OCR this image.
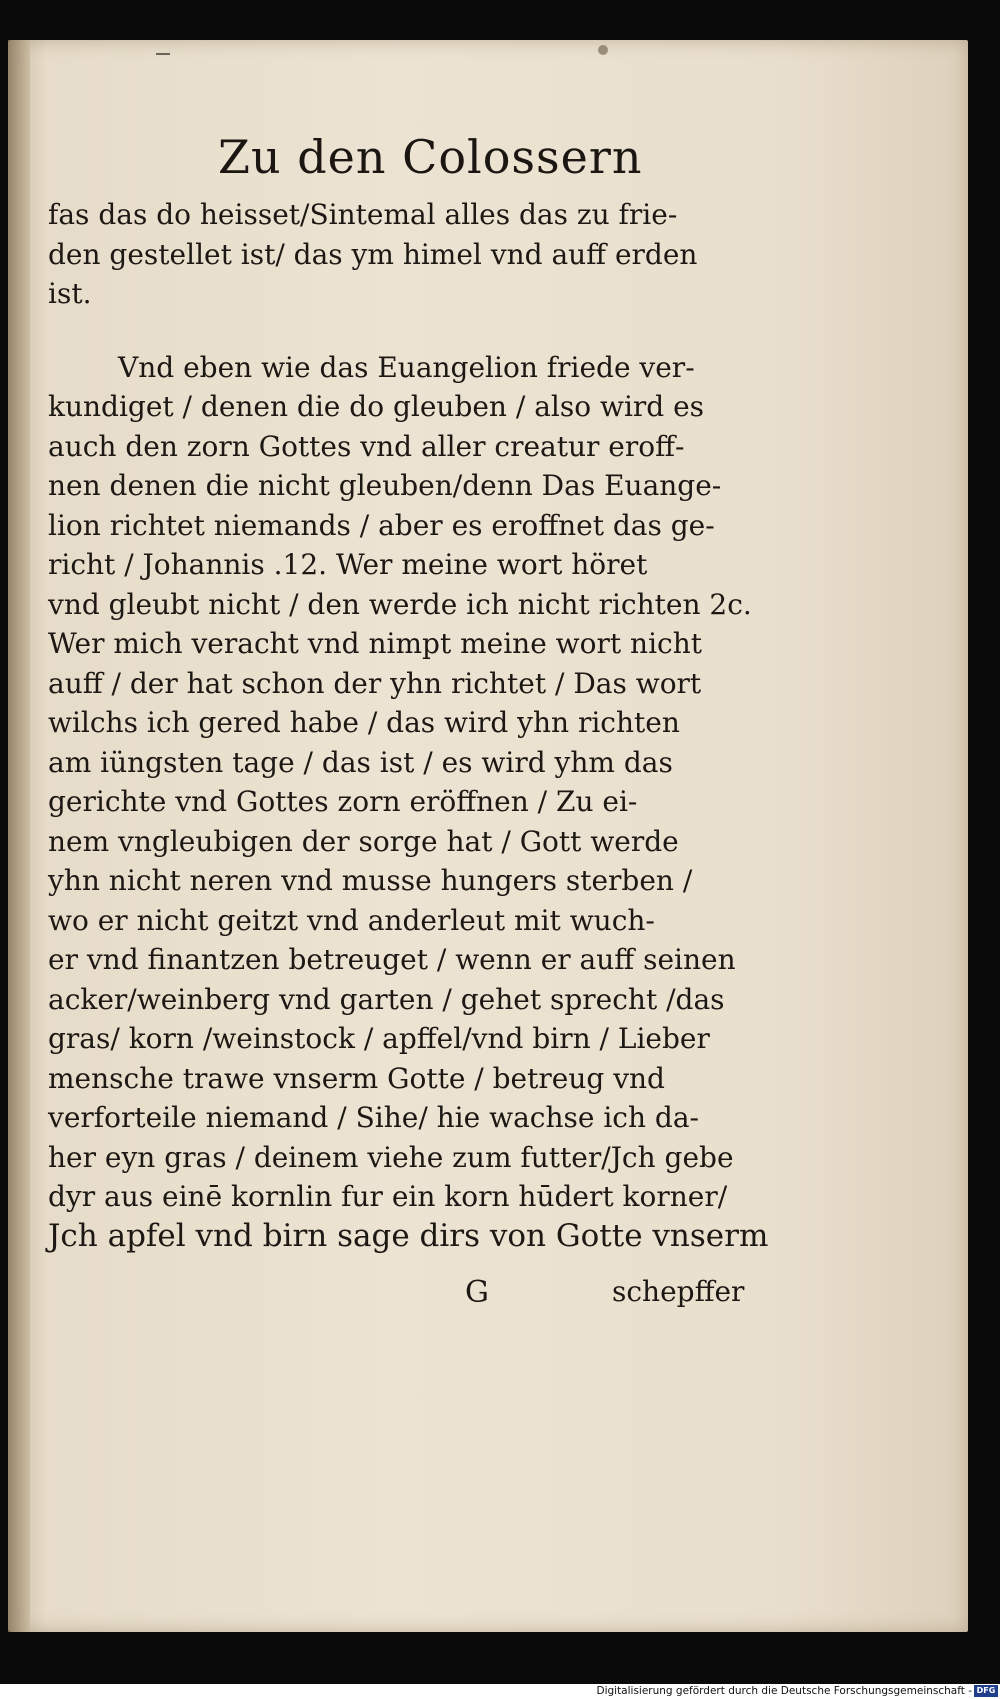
Zu den Colossern
fas das do heisset/Sintemal alles das zu frie‑
den gestellet ist/ das ym himel vnd auff erden
ist.
Vnd eben wie das Euangelion friede ver‑
kundiget / denen die do gleuben / also wird es
auch den zorn Gottes vnd aller creatur eroff‑
nen denen die nicht gleuben/denn Das Euange‑
lion richtet niemands / aber es eroffnet das ge‑
richt / Johannis .12. Wer meine wort höret
vnd gleubt nicht / den werde ich nicht richten 2c.
Wer mich veracht vnd nimpt meine wort nicht
auff / der hat schon der yhn richtet / Das wort
wilchs ich gered habe / das wird yhn richten
am iüngsten tage / das ist / es wird yhm das
gerichte vnd Gottes zorn eröffnen / Zu ei‑
nem vngleubigen der sorge hat / Gott werde
yhn nicht neren vnd musse hungers sterben /
wo er nicht geitzt vnd anderleut mit wuch‑
er vnd finantzen betreuget / wenn er auff seinen
acker/weinberg vnd garten / gehet sprecht /das
gras/ korn /weinstock / apffel/vnd birn / Lieber
mensche trawe vnserm Gotte / betreug vnd
verforteile niemand / Sihe/ hie wachse ich da‑
her eyn gras / deinem viehe zum futter/Jch gebe
dyr aus einē kornlin fur ein korn hūdert korner/
Jch apfel vnd birn sage dirs von Gotte vnserm
G	schepffer
Digitalisierung gefördert durch die Deutsche Forschungsgemeinschaft - DFG
